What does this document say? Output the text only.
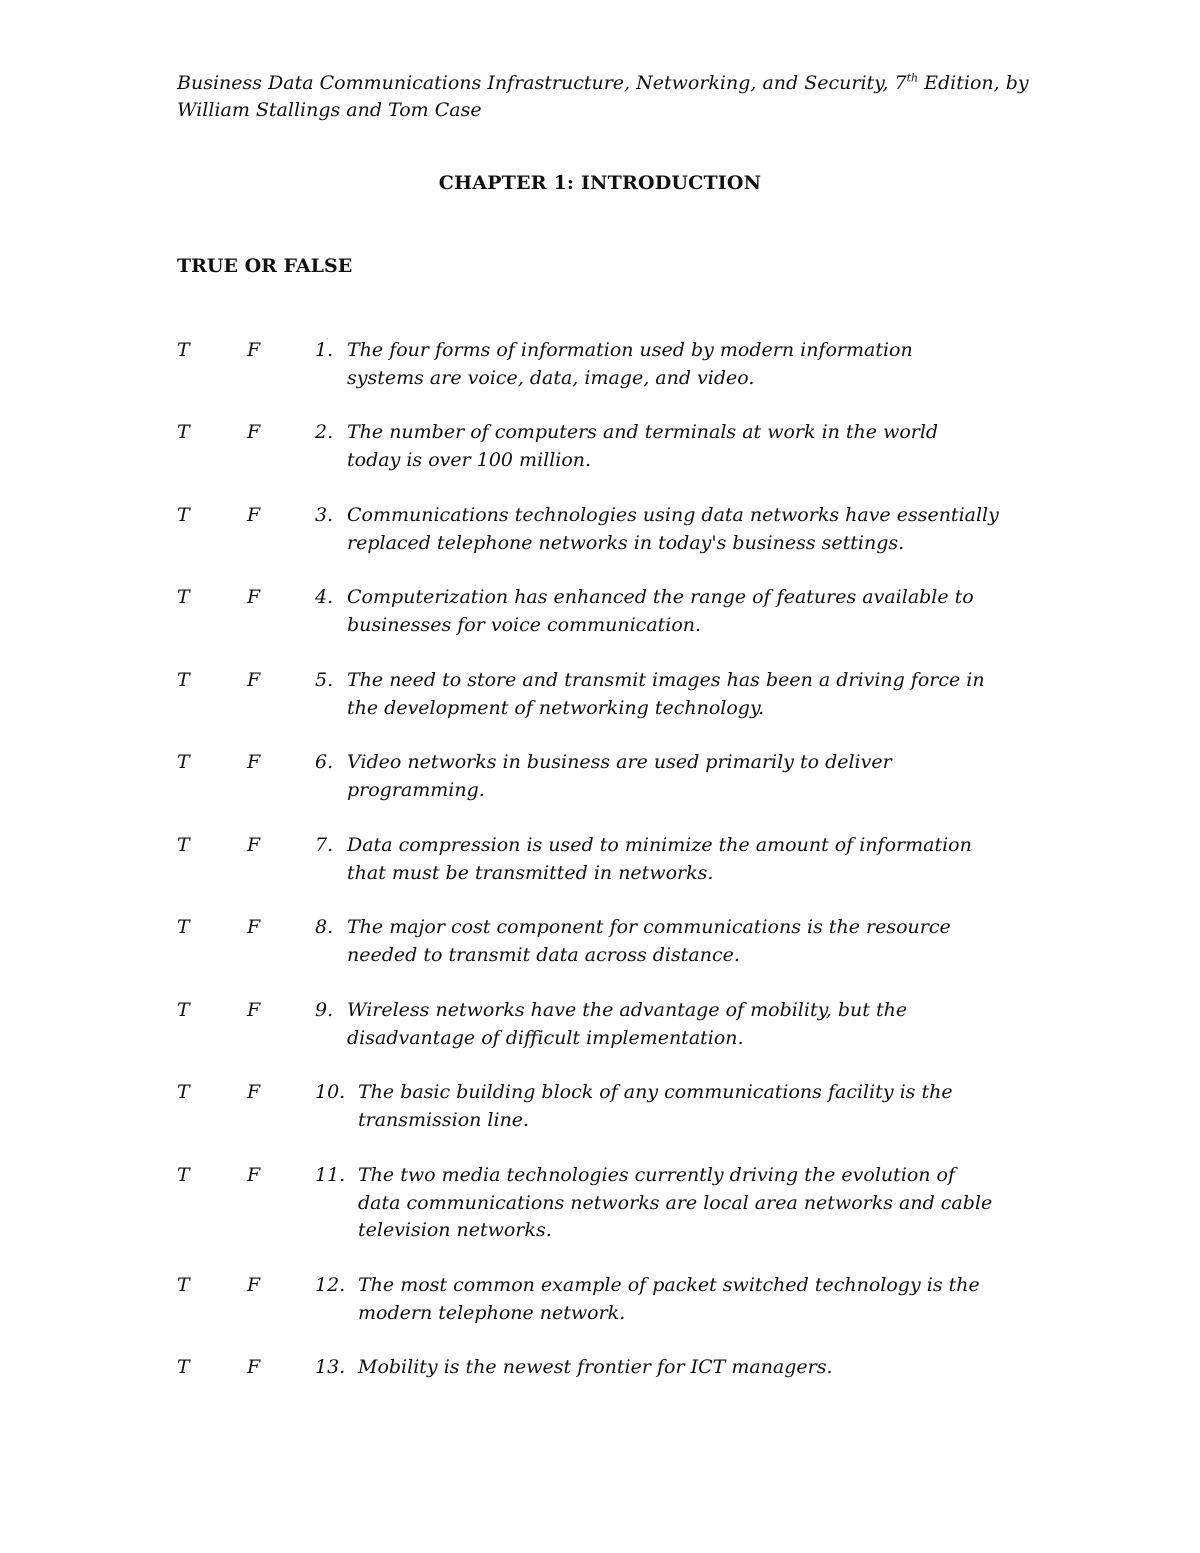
Business Data Communications Infrastructure, Networking, and Security, 7th Edition, by
William Stallings and Tom Case
CHAPTER 1: INTRODUCTION
TRUE OR FALSE
T	F	1. The four forms of information used by modern information
systems are voice, data, image, and video.
T	F	2. The number of computers and terminals at work in the world
today is over 100 million.
T	F	3. Communications technologies using data networks have essentially
replaced telephone networks in today's business settings.
T	F	4. Computerization has enhanced the range of features available to
businesses for voice communication.
T	F	5. The need to store and transmit images has been a driving force in
the development of networking technology.
T	F	6. Video networks in business are used primarily to deliver
programming.
T	F	7. Data compression is used to minimize the amount of information
that must be transmitted in networks.
T	F	8. The major cost component for communications is the resource
needed to transmit data across distance.
T	F	9. Wireless networks have the advantage of mobility, but the
disadvantage of difficult implementation.
T	F	10. The basic building block of any communications facility is the
transmission line.
T	F	11. The two media technologies currently driving the evolution of
data communications networks are local area networks and cable
television networks.
T	F	12. The most common example of packet switched technology is the
modern telephone network.
T	F	13. Mobility is the newest frontier for ICT managers.
